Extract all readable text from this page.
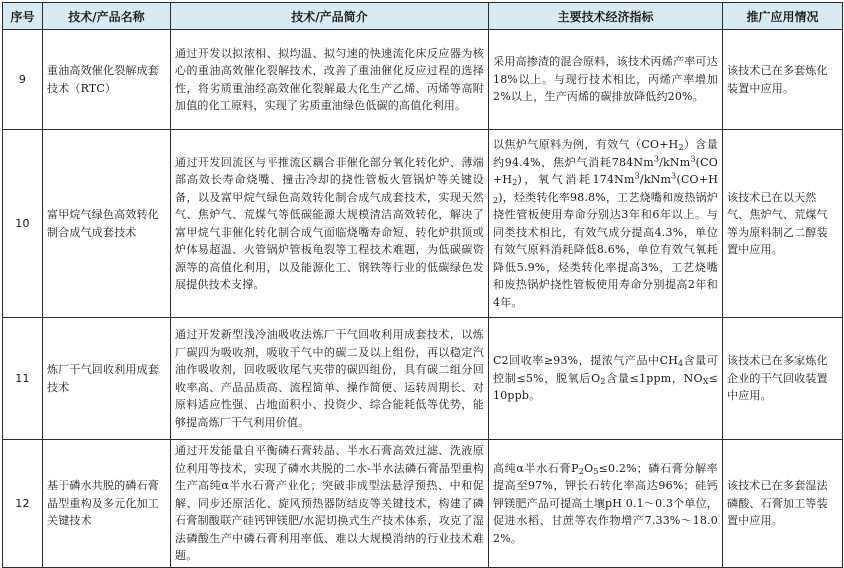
序号	技术/产品名称	技术/产品简介	主要技术经济指标	推广应用情况
9	重油高效催化裂解成套技术（RTC）	通过开发以拟浓相、拟均温、拟匀速的快速流化床反应器为核心的重油高效催化裂解技术，改善了重油催化反应过程的选择性，将劣质重油经高效催化裂解最大化生产乙烯、丙烯等高附加值的化工原料，实现了劣质重油绿色低碳的高值化利用。	采用高掺渣的混合原料，该技术丙烯产率可达18%以上。与现行技术相比，丙烯产率增加2%以上，生产丙烯的碳排放降低约20%。	该技术已在多套炼化装置中应用。
10	富甲烷气绿色高效转化制合成气成套技术	通过开发回流区与平推流区耦合非催化部分氧化转化炉、薄端部高效长寿命烧嘴、撞击冷却的挠性管板火管锅炉等关键设备，以及富甲烷气绿色高效转化制合成气成套技术，实现天然气、焦炉气、荒煤气等低碳能源大规模清洁高效转化，解决了富甲烷气非催化转化制合成气面临烧嘴寿命短、转化炉拱顶或炉体易超温、火管锅炉管板龟裂等工程技术难题，为低碳碳资源等的高值化利用，以及能源化工、钢铁等行业的低碳绿色发展提供技术支撑。	以焦炉气原料为例，有效气$(CO+H_2)$含量约94.4%，焦炉气消耗$784Nm^3/kNm^3(CO+H_2)$，氧气消耗$174Nm^3/kNm^3(CO+H_2)$，烃类转化率98.8%，工艺烧嘴和废热锅炉挠性管板使用寿命分别达3年和6年以上。与同类技术相比，有效气成分提高4.3%，单位有效气原料消耗降低8.6%，单位有效气氧耗降低5.9%，烃类转化率提高3%，工艺烧嘴和废热锅炉挠性管板使用寿命分别提高2年和4年。	该技术已在以天然气、焦炉气、荒煤气等为原料制乙二醇装置中应用。
11	炼厂干气回收利用成套技术	通过开发新型浅冷油吸收法炼厂干气回收利用成套技术，以炼厂碳四为吸收剂，吸收干气中的碳二及以上组份，再以稳定汽油作吸收剂，回收吸收尾气夹带的碳四组份，具有碳二组分回收率高、产品品质高、流程简单、操作简便、运转周期长、对原料适应性强、占地面积小、投资少、综合能耗低等优势，能够提高炼厂干气利用价值。	C2回收率≥93%，提浓气产品中$CH_4$含量可控制≤5%，脱氧后$O_2$含量≤1ppm，$NO_X\le 10ppb$。	该技术已在多家炼化企业的干气回收装置中应用。
12	基于磷水共脱的磷石膏晶型重构及多元化加工关键技术	通过开发能量自平衡磷石膏转晶、半水石膏高效过滤、洗液原位利用等技术，实现了磷水共脱的二水-半水法磷石膏晶型重构生产高纯α半水石膏产业化；突破非成型法悬浮预热、中和促解、同步还原活化、旋风预热器防结皮等关键技术，构建了磷石膏制酸联产硅钙钾镁肥/水泥切换式生产技术体系，攻克了湿法磷酸生产中磷石膏利用率低、难以大规模消纳的行业技术难题。	高纯α半水石膏$P_2O_5\le 0.2\%$；磷石膏分解率提高至97%，钾长石转化率高达96%；硅钙钾镁肥产品可提高土壤pH 0.1～0.3个单位，促进水稻、甘蔗等农作物增产7.33%～18.02%。	该技术已在多套湿法磷酸、石膏加工等装置中应用。
